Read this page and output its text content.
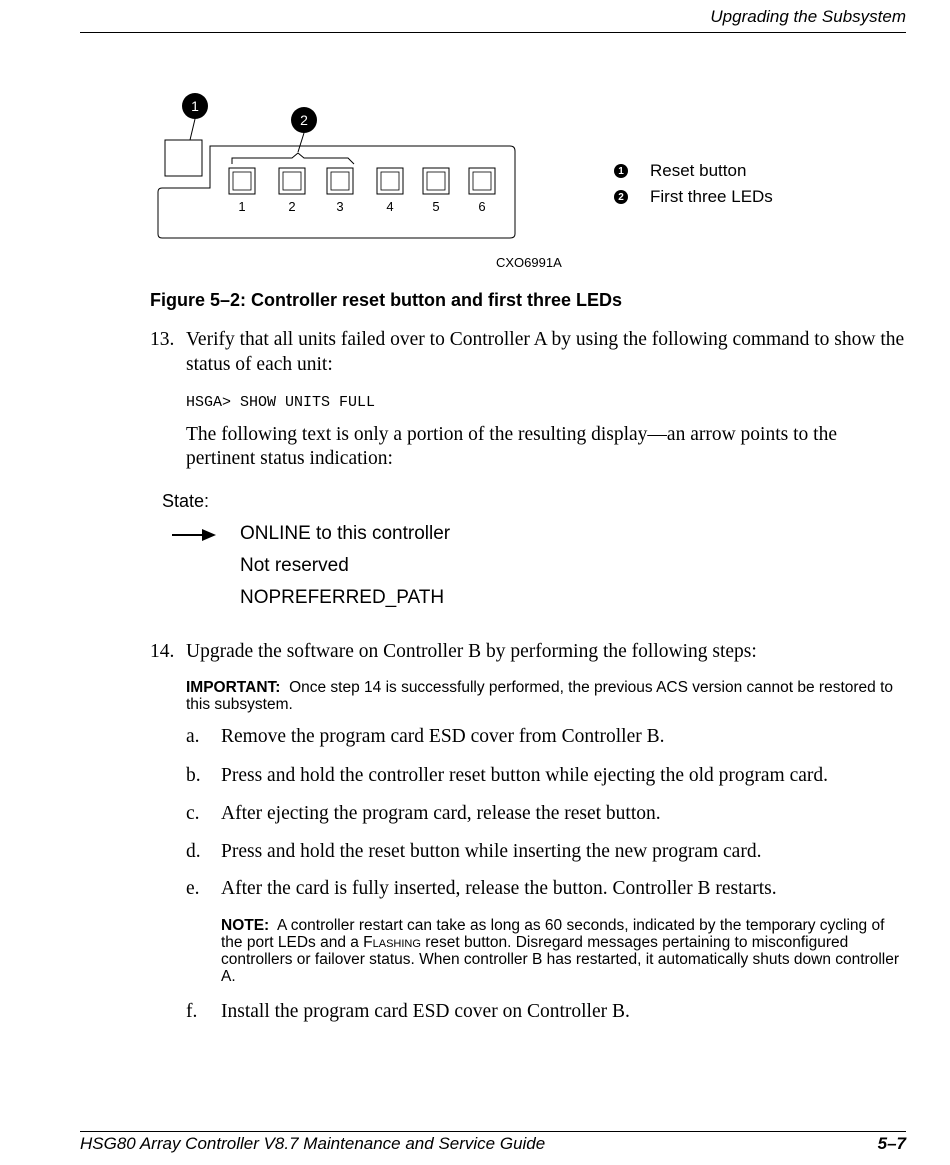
Upgrading the Subsystem
1
2
1	2	3	4	5	6
CXO6991A
1 Reset button
2 First three LEDs
Figure 5–2: Controller reset button and first three LEDs
13. Verify that all units failed over to Controller A by using the following command to show the status of each unit:
HSGA> SHOW UNITS FULL
The following text is only a portion of the resulting display—an arrow points to the pertinent status indication:
State:
ONLINE to this controller
Not reserved
NOPREFERRED_PATH
14. Upgrade the software on Controller B by performing the following steps:
IMPORTANT: Once step 14 is successfully performed, the previous ACS version cannot be restored to this subsystem.
a. Remove the program card ESD cover from Controller B.
b. Press and hold the controller reset button while ejecting the old program card.
c. After ejecting the program card, release the reset button.
d. Press and hold the reset button while inserting the new program card.
e. After the card is fully inserted, release the button. Controller B restarts.
NOTE: A controller restart can take as long as 60 seconds, indicated by the temporary cycling of the port LEDs and a Flashing reset button. Disregard messages pertaining to misconfigured controllers or failover status. When controller B has restarted, it automatically shuts down controller A.
f. Install the program card ESD cover on Controller B.
HSG80 Array Controller V8.7 Maintenance and Service Guide	5–7
